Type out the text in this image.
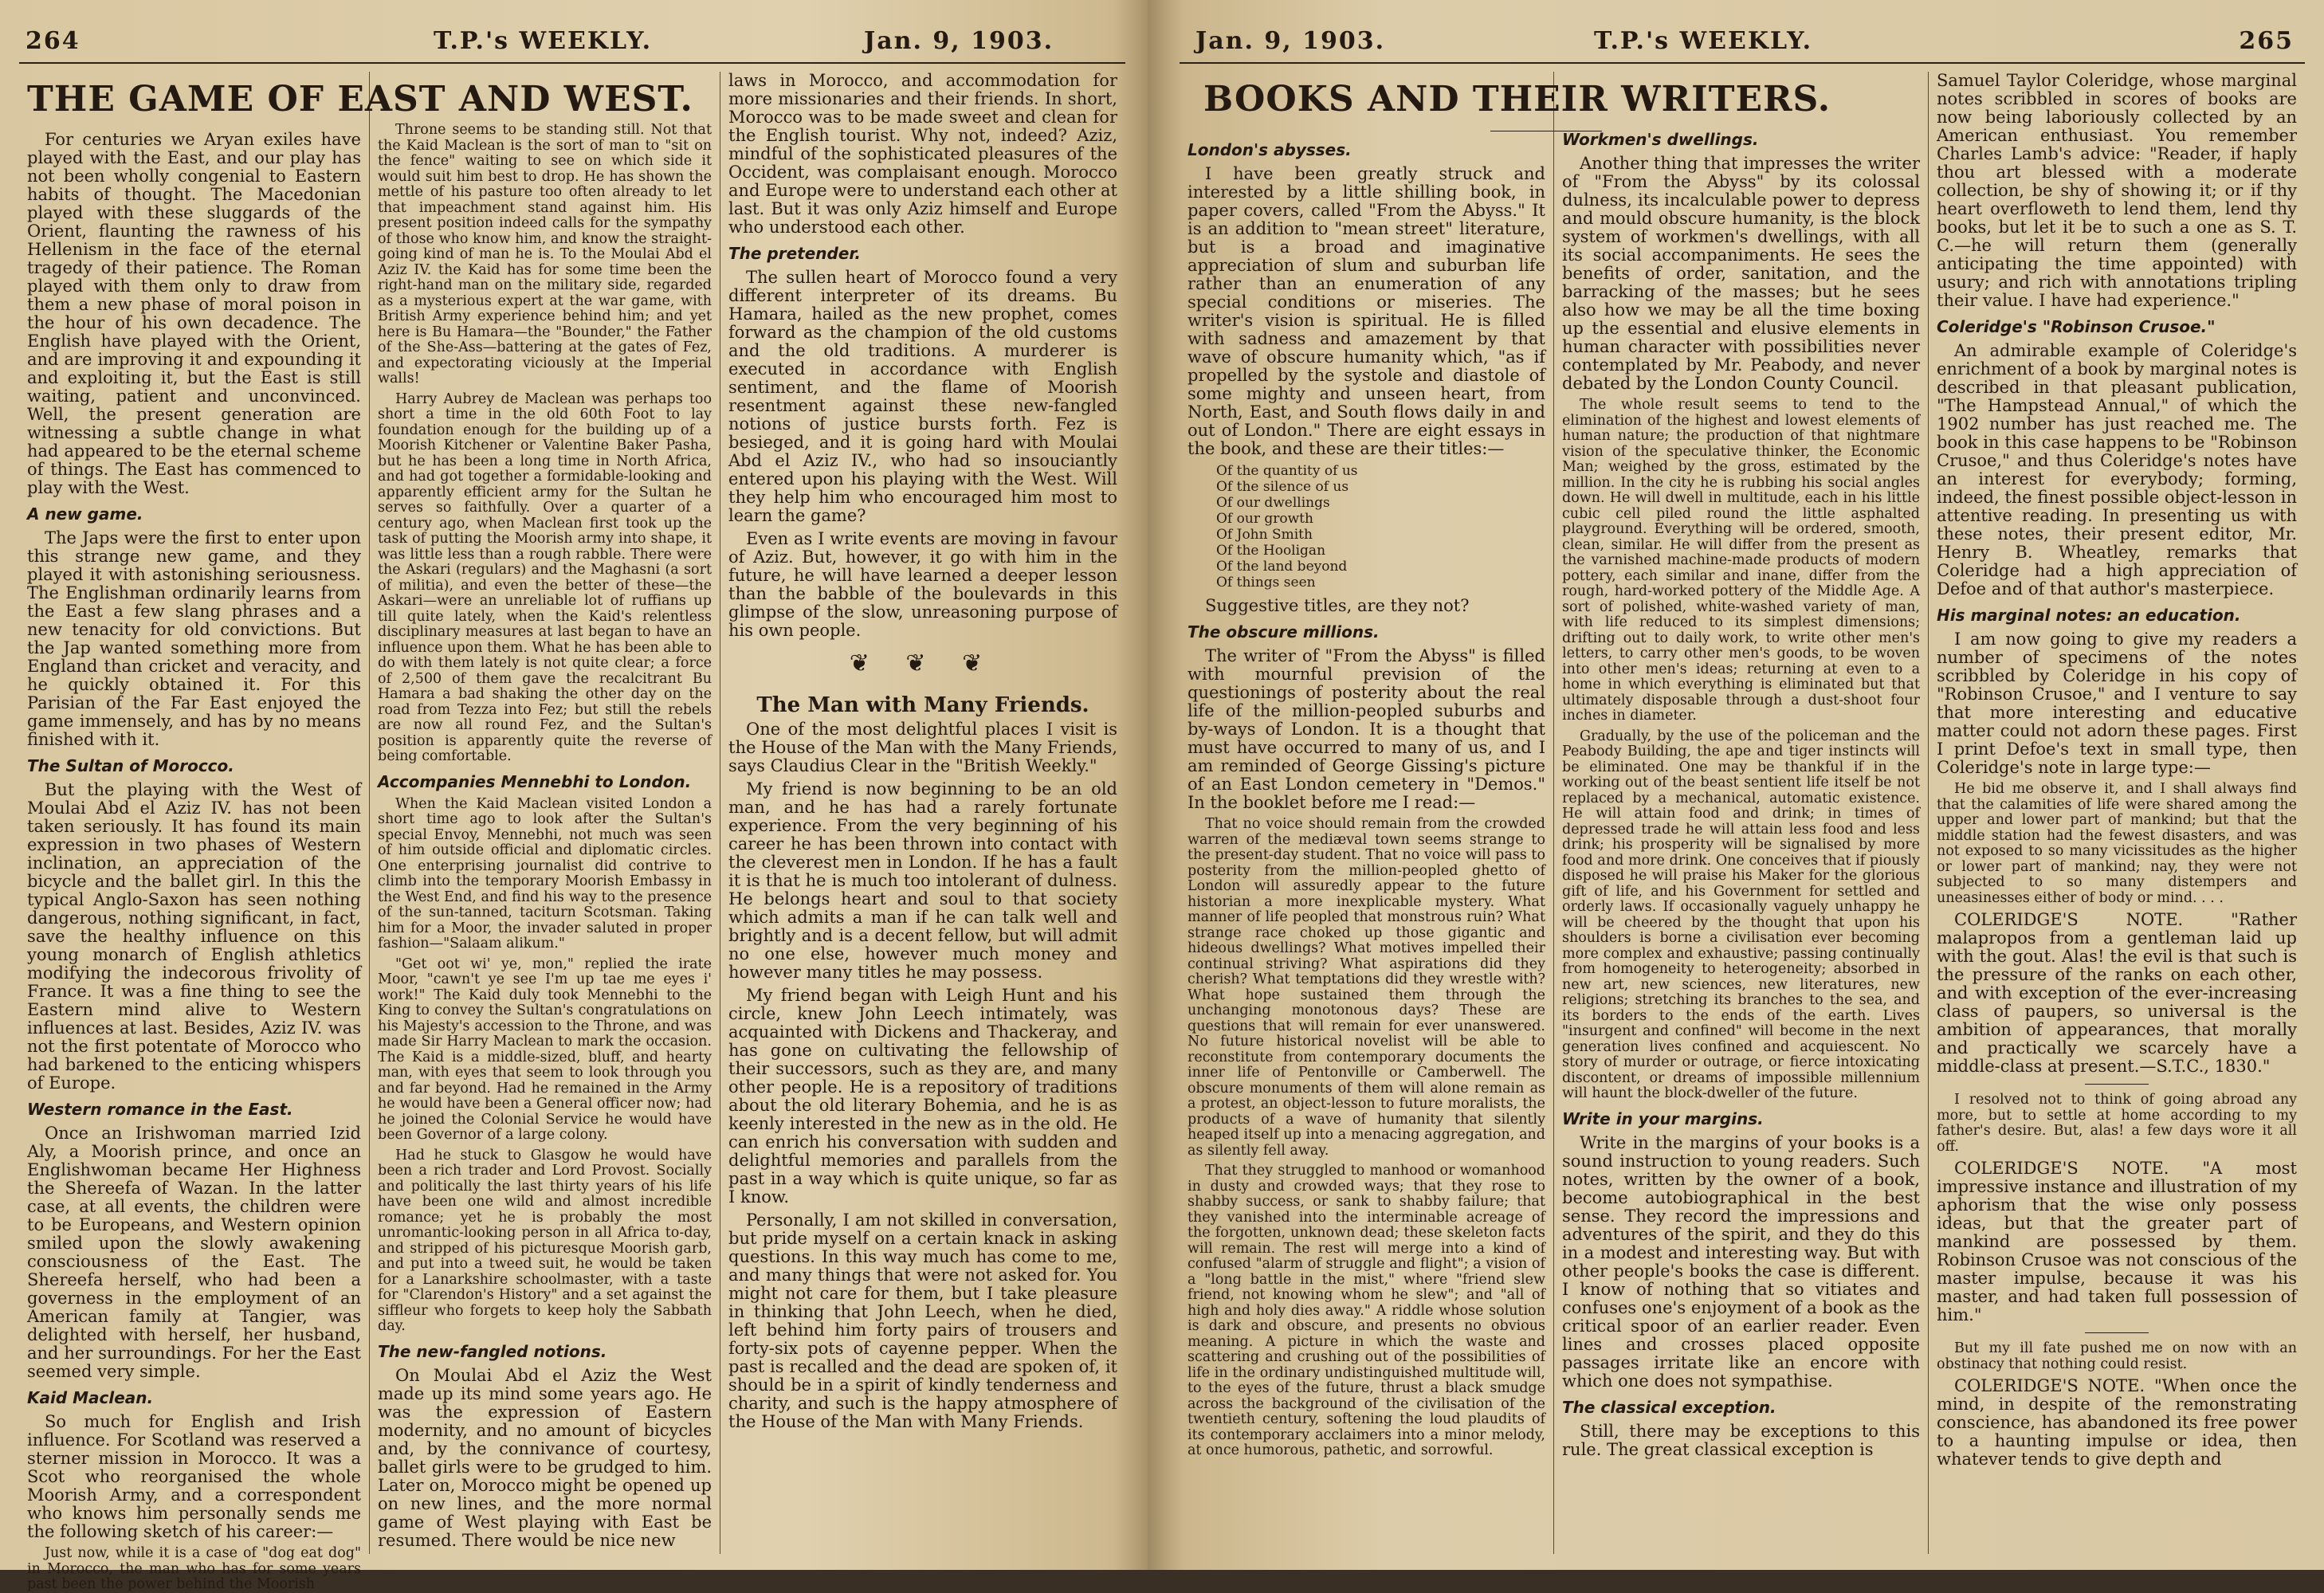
264	T.P.'s WEEKLY.	Jan. 9, 1903.
THE GAME OF EAST AND WEST.

For centuries we Aryan exiles have played with the East, and our play has not been wholly congenial to Eastern habits of thought. The Macedonian played with these sluggards of the Orient, flaunting the rawness of his Hellenism in the face of the eternal tragedy of their patience. The Roman played with them only to draw from them a new phase of moral poison in the hour of his own decadence. The English have played with the Orient, and are improving it and expounding it and exploiting it, but the East is still waiting, patient and unconvinced. Well, the present generation are witnessing a subtle change in what had appeared to be the eternal scheme of things. The East has commenced to play with the West.

A new game.

The Japs were the first to enter upon this strange new game, and they played it with astonishing seriousness. The Englishman ordinarily learns from the East a few slang phrases and a new tenacity for old convictions. But the Jap wanted something more from England than cricket and veracity, and he quickly obtained it. For this Parisian of the Far East enjoyed the game immensely, and has by no means finished with it.

The Sultan of Morocco.

But the playing with the West of Moulai Abd el Aziz IV. has not been taken seriously. It has found its main expression in two phases of Western inclination, an appreciation of the bicycle and the ballet girl. In this the typical Anglo-Saxon has seen nothing dangerous, nothing significant, in fact, save the healthy influence on this young monarch of English athletics modifying the indecorous frivolity of France. It was a fine thing to see the Eastern mind alive to Western influences at last. Besides, Aziz IV. was not the first potentate of Morocco who had barkened to the enticing whispers of Europe.

Western romance in the East.

Once an Irishwoman married Izid Aly, a Moorish prince, and once an Englishwoman became Her Highness the Shereefa of Wazan. In the latter case, at all events, the children were to be Europeans, and Western opinion smiled upon the slowly awakening consciousness of the East. The Shereefa herself, who had been a governess in the employment of an American family at Tangier, was delighted with herself, her husband, and her surroundings. For her the East seemed very simple.

Kaid Maclean.

So much for English and Irish influence. For Scotland was reserved a sterner mission in Morocco. It was a Scot who reorganised the whole Moorish Army, and a correspondent who knows him personally sends me the following sketch of his career:—

Just now, while it is a case of "dog eat dog" in Morocco, the man who has for some years past been the power behind the Moorish

Throne seems to be standing still. Not that the Kaid Maclean is the sort of man to "sit on the fence" waiting to see on which side it would suit him best to drop. He has shown the mettle of his pasture too often already to let that impeachment stand against him. His present position indeed calls for the sympathy of those who know him, and know the straight-going kind of man he is. To the Moulai Abd el Aziz IV. the Kaid has for some time been the right-hand man on the military side, regarded as a mysterious expert at the war game, with British Army experience behind him; and yet here is Bu Hamara—the "Bounder," the Father of the She-Ass—battering at the gates of Fez, and expectorating viciously at the Imperial walls!

Harry Aubrey de Maclean was perhaps too short a time in the old 60th Foot to lay foundation enough for the building up of a Moorish Kitchener or Valentine Baker Pasha, but he has been a long time in North Africa, and had got together a formidable-looking and apparently efficient army for the Sultan he serves so faithfully. Over a quarter of a century ago, when Maclean first took up the task of putting the Moorish army into shape, it was little less than a rough rabble. There were the Askari (regulars) and the Maghasni (a sort of militia), and even the better of these—the Askari—were an unreliable lot of ruffians up till quite lately, when the Kaid's relentless disciplinary measures at last began to have an influence upon them. What he has been able to do with them lately is not quite clear; a force of 2,500 of them gave the recalcitrant Bu Hamara a bad shaking the other day on the road from Tezza into Fez; but still the rebels are now all round Fez, and the Sultan's position is apparently quite the reverse of being comfortable.

Accompanies Mennebhi to London.

When the Kaid Maclean visited London a short time ago to look after the Sultan's special Envoy, Mennebhi, not much was seen of him outside official and diplomatic circles. One enterprising journalist did contrive to climb into the temporary Moorish Embassy in the West End, and find his way to the presence of the sun-tanned, taciturn Scotsman. Taking him for a Moor, the invader saluted in proper fashion—"Salaam alikum."

"Get oot wi' ye, mon," replied the irate Moor, "cawn't ye see I'm up tae me eyes i' work!" The Kaid duly took Mennebhi to the King to convey the Sultan's congratulations on his Majesty's accession to the Throne, and was made Sir Harry Maclean to mark the occasion. The Kaid is a middle-sized, bluff, and hearty man, with eyes that seem to look through you and far beyond. Had he remained in the Army he would have been a General officer now; had he joined the Colonial Service he would have been Governor of a large colony.

Had he stuck to Glasgow he would have been a rich trader and Lord Provost. Socially and politically the last thirty years of his life have been one wild and almost incredible romance; yet he is probably the most unromantic-looking person in all Africa to-day, and stripped of his picturesque Moorish garb, and put into a tweed suit, he would be taken for a Lanarkshire schoolmaster, with a taste for "Clarendon's History" and a set against the siffleur who forgets to keep holy the Sabbath day.

The new-fangled notions.

On Moulai Abd el Aziz the West made up its mind some years ago. He was the expression of Eastern modernity, and no amount of bicycles and, by the connivance of courtesy, ballet girls were to be grudged to him. Later on, Morocco might be opened up on new lines, and the more normal game of West playing with East be resumed. There would be nice new

laws in Morocco, and accommodation for more missionaries and their friends. In short, Morocco was to be made sweet and clean for the English tourist. Why not, indeed? Aziz, mindful of the sophisticated pleasures of the Occident, was complaisant enough. Morocco and Europe were to understand each other at last. But it was only Aziz himself and Europe who understood each other.

The pretender.

The sullen heart of Morocco found a very different interpreter of its dreams. Bu Hamara, hailed as the new prophet, comes forward as the champion of the old customs and the old traditions. A murderer is executed in accordance with English sentiment, and the flame of Moorish resentment against these new-fangled notions of justice bursts forth. Fez is besieged, and it is going hard with Moulai Abd el Aziz IV., who had so insouciantly entered upon his playing with the West. Will they help him who encouraged him most to learn the game?

Even as I write events are moving in favour of Aziz. But, however, it go with him in the future, he will have learned a deeper lesson than the babble of the boulevards in this glimpse of the slow, unreasoning purpose of his own people.

❦ ❦ ❦
The Man with Many Friends.

One of the most delightful places I visit is the House of the Man with the Many Friends, says Claudius Clear in the "British Weekly."

My friend is now beginning to be an old man, and he has had a rarely fortunate experience. From the very beginning of his career he has been thrown into contact with the cleverest men in London. If he has a fault it is that he is much too intolerant of dulness. He belongs heart and soul to that society which admits a man if he can talk well and brightly and is a decent fellow, but will admit no one else, however much money and however many titles he may possess.

My friend began with Leigh Hunt and his circle, knew John Leech intimately, was acquainted with Dickens and Thackeray, and has gone on cultivating the fellowship of their successors, such as they are, and many other people. He is a repository of traditions about the old literary Bohemia, and he is as keenly interested in the new as in the old. He can enrich his conversation with sudden and delightful memories and parallels from the past in a way which is quite unique, so far as I know.

Personally, I am not skilled in conversation, but pride myself on a certain knack in asking questions. In this way much has come to me, and many things that were not asked for. You might not care for them, but I take pleasure in thinking that John Leech, when he died, left behind him forty pairs of trousers and forty-six pots of cayenne pepper. When the past is recalled and the dead are spoken of, it should be in a spirit of kindly tenderness and charity, and such is the happy atmosphere of the House of the Man with Many Friends.

Jan. 9, 1903.	T.P.'s WEEKLY.	265
BOOKS AND THEIR WRITERS.
London's abysses.

I have been greatly struck and interested by a little shilling book, in paper covers, called "From the Abyss." It is an addition to "mean street" literature, but is a broad and imaginative appreciation of slum and suburban life rather than an enumeration of any special conditions or miseries. The writer's vision is spiritual. He is filled with sadness and amazement by that wave of obscure humanity which, "as if propelled by the systole and diastole of some mighty and unseen heart, from North, East, and South flows daily in and out of London." There are eight essays in the book, and these are their titles:—

Of the quantity of us
Of the silence of us
Of our dwellings
Of our growth
Of John Smith
Of the Hooligan
Of the land beyond
Of things seen

Suggestive titles, are they not?

The obscure millions.

The writer of "From the Abyss" is filled with mournful prevision of the questionings of posterity about the real life of the million-peopled suburbs and by-ways of London. It is a thought that must have occurred to many of us, and I am reminded of George Gissing's picture of an East London cemetery in "Demos." In the booklet before me I read:—

That no voice should remain from the crowded warren of the mediæval town seems strange to the present-day student. That no voice will pass to posterity from the million-peopled ghetto of London will assuredly appear to the future historian a more inexplicable mystery. What manner of life peopled that monstrous ruin? What strange race choked up those gigantic and hideous dwellings? What motives impelled their continual striving? What aspirations did they cherish? What temptations did they wrestle with? What hope sustained them through the unchanging monotonous days? These are questions that will remain for ever unanswered. No future historical novelist will be able to reconstitute from contemporary documents the inner life of Pentonville or Camberwell. The obscure monuments of them will alone remain as a protest, an object-lesson to future moralists, the products of a wave of humanity that silently heaped itself up into a menacing aggregation, and as silently fell away.

That they struggled to manhood or womanhood in dusty and crowded ways; that they rose to shabby success, or sank to shabby failure; that they vanished into the interminable acreage of the forgotten, unknown dead; these skeleton facts will remain. The rest will merge into a kind of confused "alarm of struggle and flight"; a vision of a "long battle in the mist," where "friend slew friend, not knowing whom he slew"; and "all of high and holy dies away." A riddle whose solution is dark and obscure, and presents no obvious meaning. A picture in which the waste and scattering and crushing out of the possibilities of life in the ordinary undistinguished multitude will, to the eyes of the future, thrust a black smudge across the background of the civilisation of the twentieth century, softening the loud plaudits of its contemporary acclaimers into a minor melody, at once humorous, pathetic, and sorrowful.

Workmen's dwellings.

Another thing that impresses the writer of "From the Abyss" by its colossal dulness, its incalculable power to depress and mould obscure humanity, is the block system of workmen's dwellings, with all its social accompaniments. He sees the benefits of order, sanitation, and the barracking of the masses; but he sees also how we may be all the time boxing up the essential and elusive elements in human character with possibilities never contemplated by Mr. Peabody, and never debated by the London County Council.

The whole result seems to tend to the elimination of the highest and lowest elements of human nature; the production of that nightmare vision of the speculative thinker, the Economic Man; weighed by the gross, estimated by the million. In the city he is rubbing his social angles down. He will dwell in multitude, each in his little cubic cell piled round the little asphalted playground. Everything will be ordered, smooth, clean, similar. He will differ from the present as the varnished machine-made products of modern pottery, each similar and inane, differ from the rough, hard-worked pottery of the Middle Age. A sort of polished, white-washed variety of man, with life reduced to its simplest dimensions; drifting out to daily work, to write other men's letters, to carry other men's goods, to be woven into other men's ideas; returning at even to a home in which everything is eliminated but that ultimately disposable through a dust-shoot four inches in diameter.

Gradually, by the use of the policeman and the Peabody Building, the ape and tiger instincts will be eliminated. One may be thankful if in the working out of the beast sentient life itself be not replaced by a mechanical, automatic existence. He will attain food and drink; in times of depressed trade he will attain less food and less drink; his prosperity will be signalised by more food and more drink. One conceives that if piously disposed he will praise his Maker for the glorious gift of life, and his Government for settled and orderly laws. If occasionally vaguely unhappy he will be cheered by the thought that upon his shoulders is borne a civilisation ever becoming more complex and exhaustive; passing continually from homogeneity to heterogeneity; absorbed in new art, new sciences, new literatures, new religions; stretching its branches to the sea, and its borders to the ends of the earth. Lives "insurgent and confined" will become in the next generation lives confined and acquiescent. No story of murder or outrage, or fierce intoxicating discontent, or dreams of impossible millennium will haunt the block-dweller of the future.

Write in your margins.

Write in the margins of your books is a sound instruction to young readers. Such notes, written by the owner of a book, become autobiographical in the best sense. They record the impressions and adventures of the spirit, and they do this in a modest and interesting way. But with other people's books the case is different. I know of nothing that so vitiates and confuses one's enjoyment of a book as the critical spoor of an earlier reader. Even lines and crosses placed opposite passages irritate like an encore with which one does not sympathise.

The classical exception.

Still, there may be exceptions to this rule. The great classical exception is

Samuel Taylor Coleridge, whose marginal notes scribbled in scores of books are now being laboriously collected by an American enthusiast. You remember Charles Lamb's advice: "Reader, if haply thou art blessed with a moderate collection, be shy of showing it; or if thy heart overfloweth to lend them, lend thy books, but let it be to such a one as S. T. C.—he will return them (generally anticipating the time appointed) with usury; and rich with annotations tripling their value. I have had experience."

Coleridge's "Robinson Crusoe."

An admirable example of Coleridge's enrichment of a book by marginal notes is described in that pleasant publication, "The Hampstead Annual," of which the 1902 number has just reached me. The book in this case happens to be "Robinson Crusoe," and thus Coleridge's notes have an interest for everybody; forming, indeed, the finest possible object-lesson in attentive reading. In presenting us with these notes, their present editor, Mr. Henry B. Wheatley, remarks that Coleridge had a high appreciation of Defoe and of that author's masterpiece.

His marginal notes: an education.

I am now going to give my readers a number of specimens of the notes scribbled by Coleridge in his copy of "Robinson Crusoe," and I venture to say that more interesting and educative matter could not adorn these pages. First I print Defoe's text in small type, then Coleridge's note in large type:—

He bid me observe it, and I shall always find that the calamities of life were shared among the upper and lower part of mankind; but that the middle station had the fewest disasters, and was not exposed to so many vicissitudes as the higher or lower part of mankind; nay, they were not subjected to so many distempers and uneasinesses either of body or mind. . . .

COLERIDGE'S NOTE. "Rather malapropos from a gentleman laid up with the gout. Alas! the evil is that such is the pressure of the ranks on each other, and with exception of the ever-increasing class of paupers, so universal is the ambition of appearances, that morally and practically we scarcely have a middle-class at present.—S.T.C., 1830."

I resolved not to think of going abroad any more, but to settle at home according to my father's desire. But, alas! a few days wore it all off.

COLERIDGE'S NOTE. "A most impressive instance and illustration of my aphorism that the wise only possess ideas, but that the greater part of mankind are possessed by them. Robinson Crusoe was not conscious of the master impulse, because it was his master, and had taken full possession of him."

But my ill fate pushed me on now with an obstinacy that nothing could resist.

COLERIDGE'S NOTE. "When once the mind, in despite of the remonstrating conscience, has abandoned its free power to a haunting impulse or idea, then whatever tends to give depth and
